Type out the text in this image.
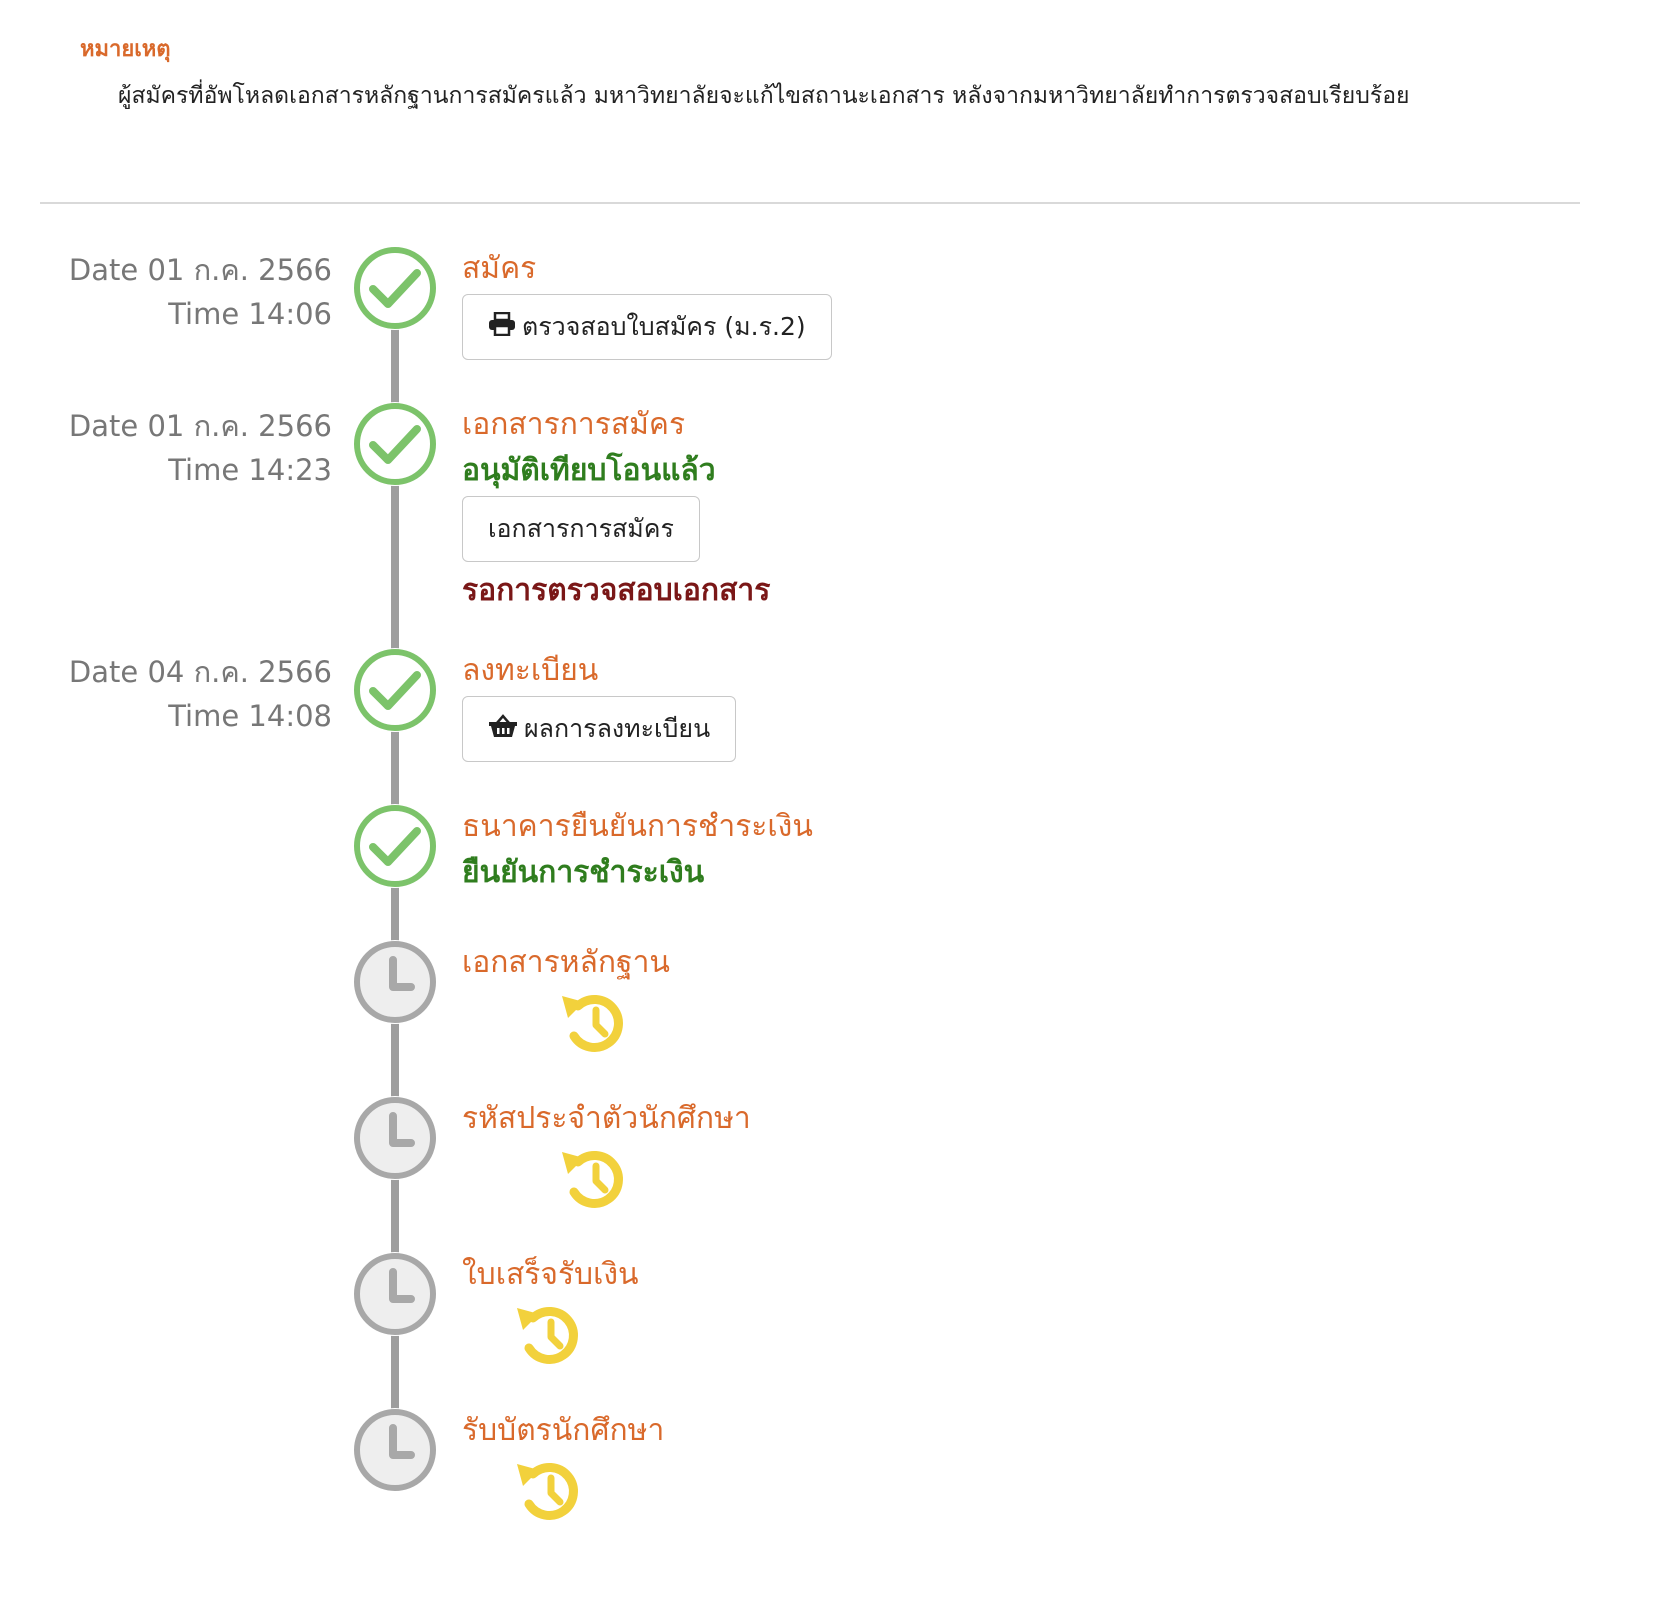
หมายเหตุ
ผู้สมัครที่อัพโหลดเอกสารหลักฐานการสมัครแล้ว มหาวิทยาลัยจะแก้ไขสถานะเอกสาร หลังจากมหาวิทยาลัยทำการตรวจสอบเรียบร้อย
Date 01 ก.ค. 2566
Time 14:06
สมัคร
ตรวจสอบใบสมัคร (ม.ร.2)
Date 01 ก.ค. 2566
Time 14:23
เอกสารการสมัคร
อนุมัติเทียบโอนแล้ว
เอกสารการสมัคร
รอการตรวจสอบเอกสาร
Date 04 ก.ค. 2566
Time 14:08
ลงทะเบียน
ผลการลงทะเบียน
ธนาคารยืนยันการชำระเงิน
ยืนยันการชำระเงิน
เอกสารหลักฐาน
รหัสประจำตัวนักศึกษา
ใบเสร็จรับเงิน
รับบัตรนักศึกษา
